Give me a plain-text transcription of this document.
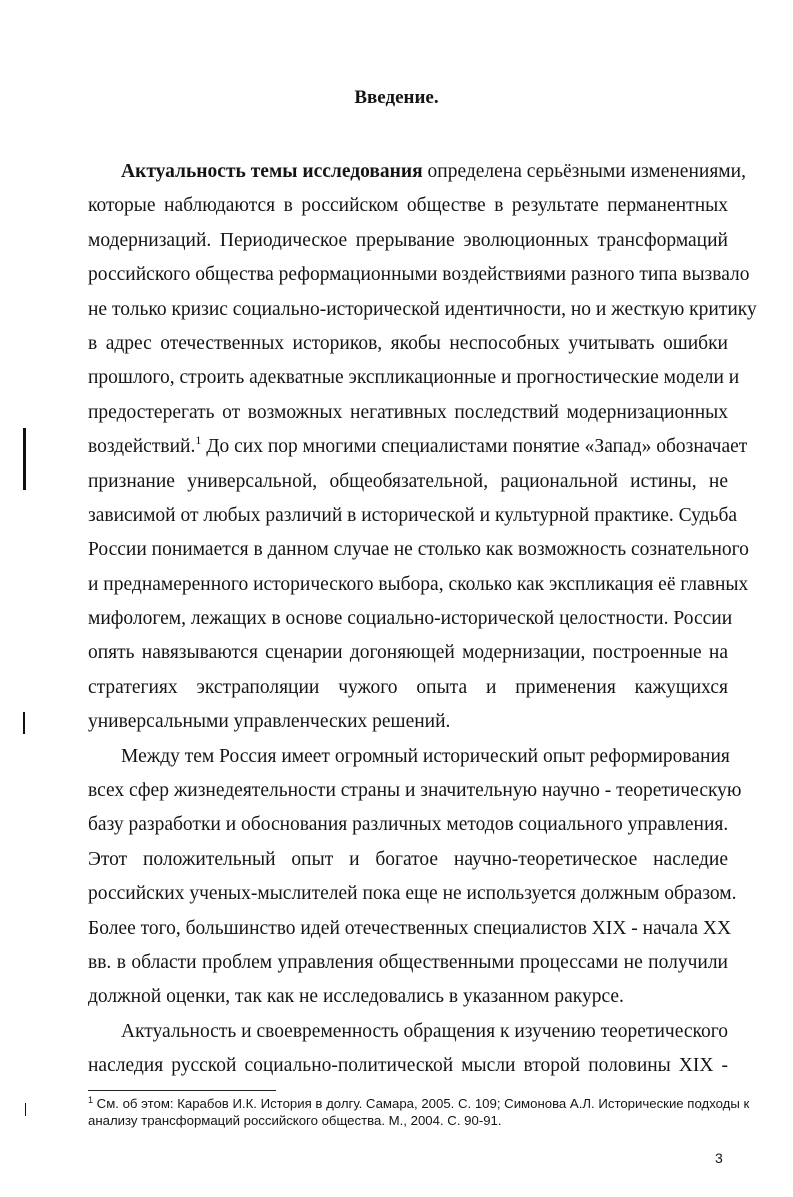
Введение.
Актуальность темы исследования определена серьёзными изменениями,
которые наблюдаются в российском обществе в результате перманентных
модернизаций. Периодическое прерывание эволюционных трансформаций
российского общества реформационными воздействиями разного типа вызвало
не только кризис социально-исторической идентичности, но и жесткую критику
в адрес отечественных историков, якобы неспособных учитывать ошибки
прошлого, строить адекватные экспликационные и прогностические модели и
предостерегать от возможных негативных последствий модернизационных
воздействий.$^1$ До сих пор многими специалистами понятие «Запад» обозначает
признание универсальной, общеобязательной, рациональной истины, не
зависимой от любых различий в исторической и культурной практике. Судьба
России понимается в данном случае не столько как возможность сознательного
и преднамеренного исторического выбора, сколько как экспликация её главных
мифологем, лежащих в основе социально-исторической целостности. России
опять навязываются сценарии догоняющей модернизации, построенные на
стратегиях экстраполяции чужого опыта и применения кажущихся
универсальными управленческих решений.
Между тем Россия имеет огромный исторический опыт реформирования
всех сфер жизнедеятельности страны и значительную научно - теоретическую
базу разработки и обоснования различных методов социального управления.
Этот положительный опыт и богатое научно-теоретическое наследие
российских ученых-мыслителей пока еще не используется должным образом.
Более того, большинство идей отечественных специалистов XIX - начала XX
вв. в области проблем управления общественными процессами не получили
должной оценки, так как не исследовались в указанном ракурсе.
Актуальность и своевременность обращения к изучению теоретического
наследия русской социально-политической мысли второй половины XIX -
$^1$ См. об этом: Карабов И.К. История в долгу. Самара, 2005. С. 109; Симонова А.Л. Исторические подходы к
анализу трансформаций российского общества. М., 2004. С. 90-91.
3
